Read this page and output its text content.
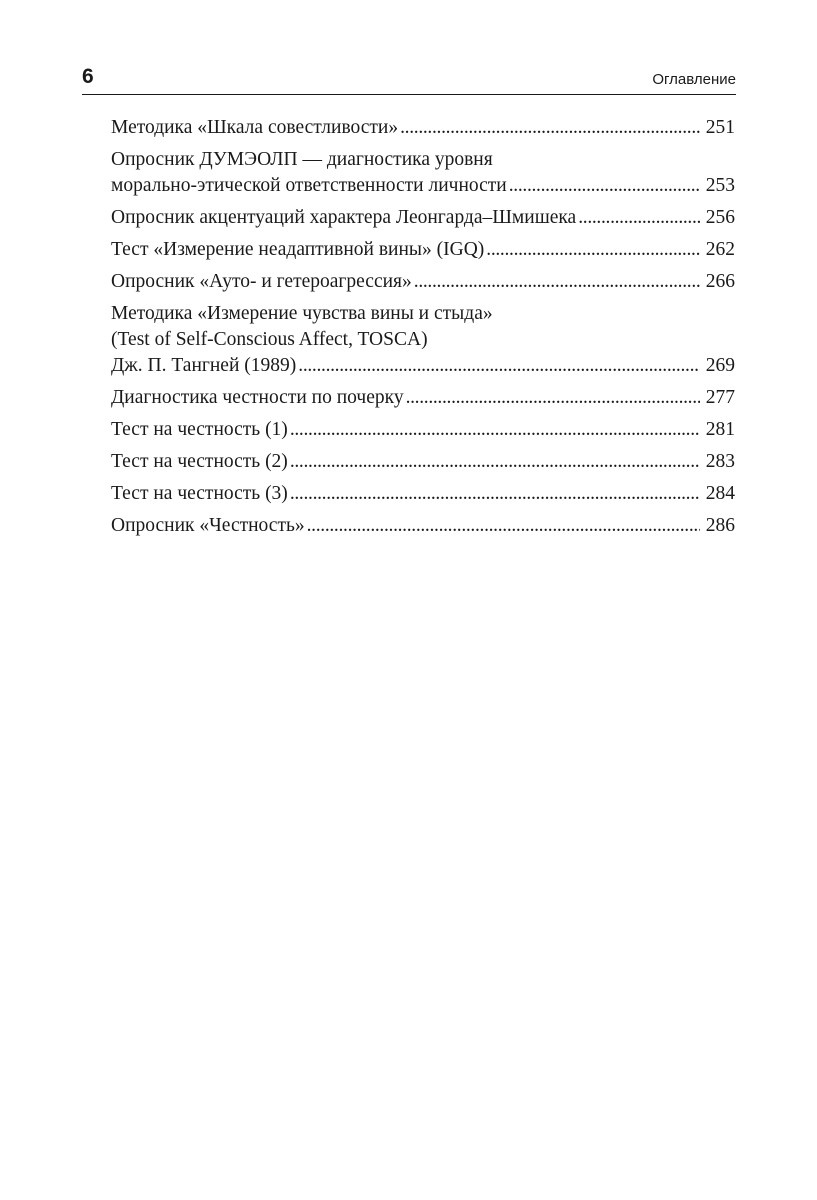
6	Оглавление
Методика «Шкала совестливости» . . .	251
Опросник ДУМЭОЛП — диагностика уровня
морально-этической ответственности личности . . .	253
Опросник акцентуаций характера Леонгарда–Шмишека . . .	256
Тест «Измерение неадаптивной вины» (IGQ) . . .	262
Опросник «Ауто- и гетероагрессия» . . .	266
Методика «Измерение чувства вины и стыда»
(Test of Self-Conscious Affect, TOSCA)
Дж. П. Тангней (1989) . . .	269
Диагностика честности по почерку . . .	277
Тест на честность (1) . . .	281
Тест на честность (2) . . .	283
Тест на честность (3) . . .	284
Опросник «Честность» . . .	286
